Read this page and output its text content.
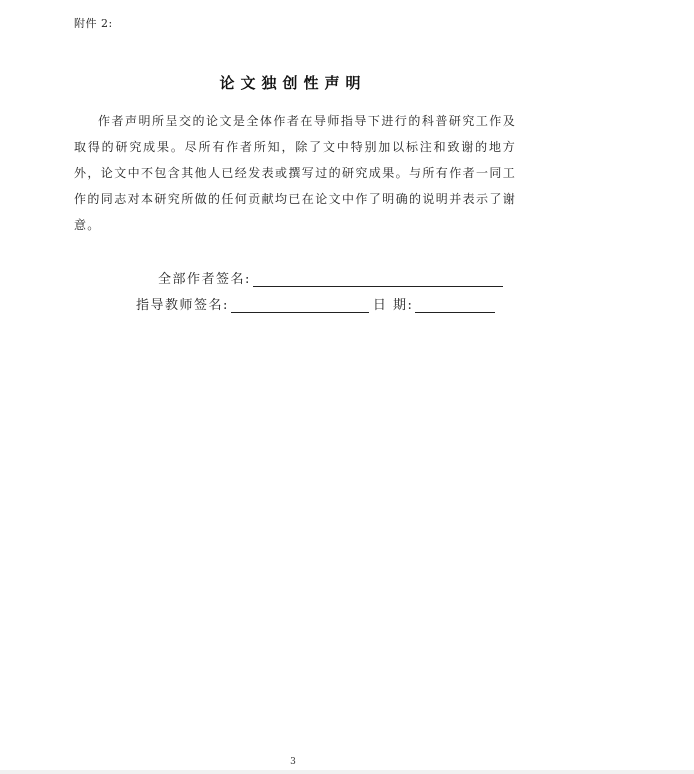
附件 2:
论文独创性声明
作者声明所呈交的论文是全体作者在导师指导下进行的科普研究工作及取得的研究成果。尽所有作者所知，除了文中特别加以标注和致谢的地方外，论文中不包含其他人已经发表或撰写过的研究成果。与所有作者一同工作的同志对本研究所做的任何贡献均已在论文中作了明确的说明并表示了谢意。
全部作者签名:
指导教师签名:	日 期:
3
